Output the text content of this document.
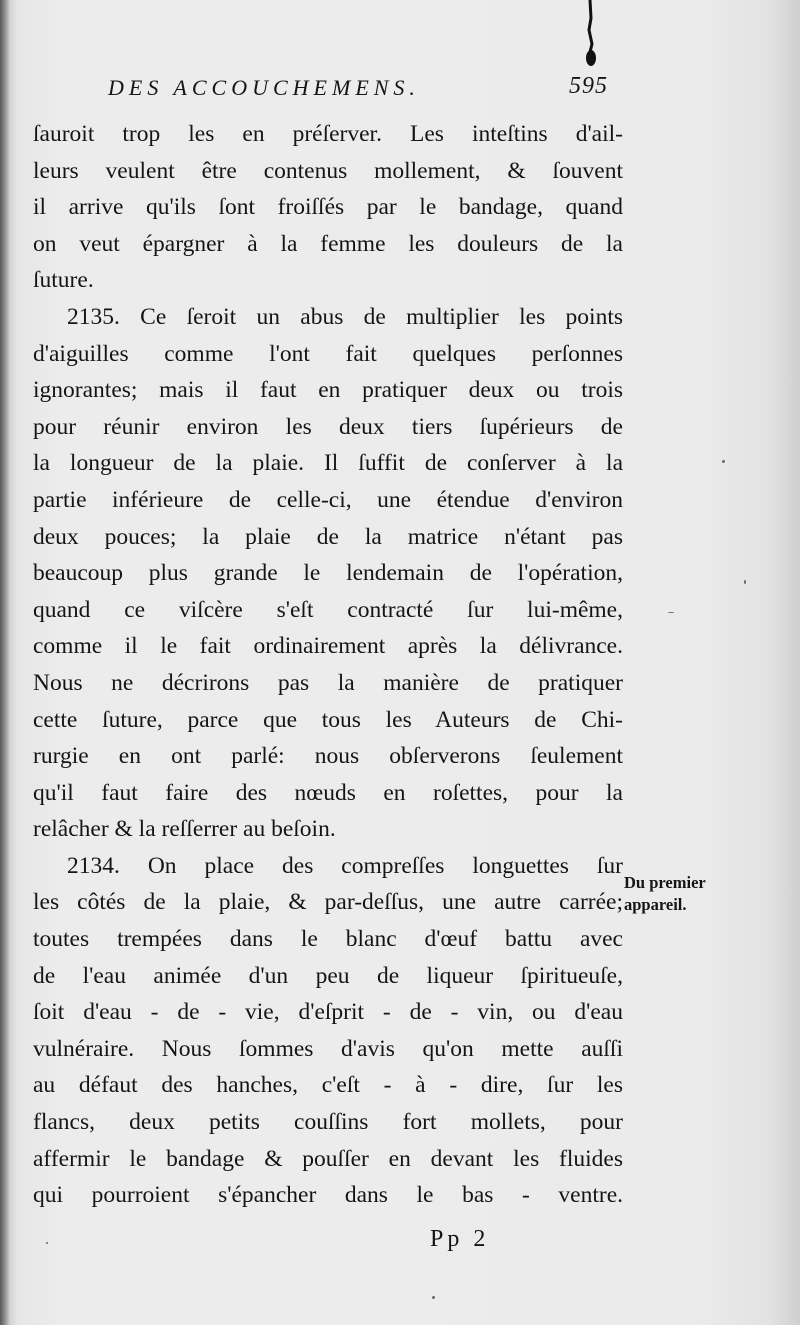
DES ACCOUCHEMENS.	595
ſauroit trop les en préſerver. Les inteſtins d'ail-
leurs veulent être contenus mollement, & ſouvent
il arrive qu'ils ſont froiſſés par le bandage, quand
on veut épargner à la femme les douleurs de la
ſuture.
2135. Ce ſeroit un abus de multiplier les points
d'aiguilles comme l'ont fait quelques perſonnes
ignorantes; mais il faut en pratiquer deux ou trois
pour réunir environ les deux tiers ſupérieurs de
la longueur de la plaie. Il ſuffit de conſerver à la
partie inférieure de celle-ci, une étendue d'environ
deux pouces; la plaie de la matrice n'étant pas
beaucoup plus grande le lendemain de l'opération,
quand ce viſcère s'eſt contracté ſur lui-même,
comme il le fait ordinairement après la délivrance.
Nous ne décrirons pas la manière de pratiquer
cette ſuture, parce que tous les Auteurs de Chi-
rurgie en ont parlé: nous obſerverons ſeulement
qu'il faut faire des nœuds en roſettes, pour la
relâcher & la reſſerrer au beſoin.
2134. On place des compreſſes longuettes ſur
les côtés de la plaie, & par-deſſus, une autre carrée;
toutes trempées dans le blanc d'œuf battu avec
de l'eau animée d'un peu de liqueur ſpiritueuſe,
ſoit d'eau - de - vie, d'eſprit - de - vin, ou d'eau
vulnéraire. Nous ſommes d'avis qu'on mette auſſi
au défaut des hanches, c'eſt - à - dire, ſur les
flancs, deux petits couſſins fort mollets, pour
affermir le bandage & pouſſer en devant les fluides
qui pourroient s'épancher dans le bas - ventre.
Du premier
appareil.
Pp 2
